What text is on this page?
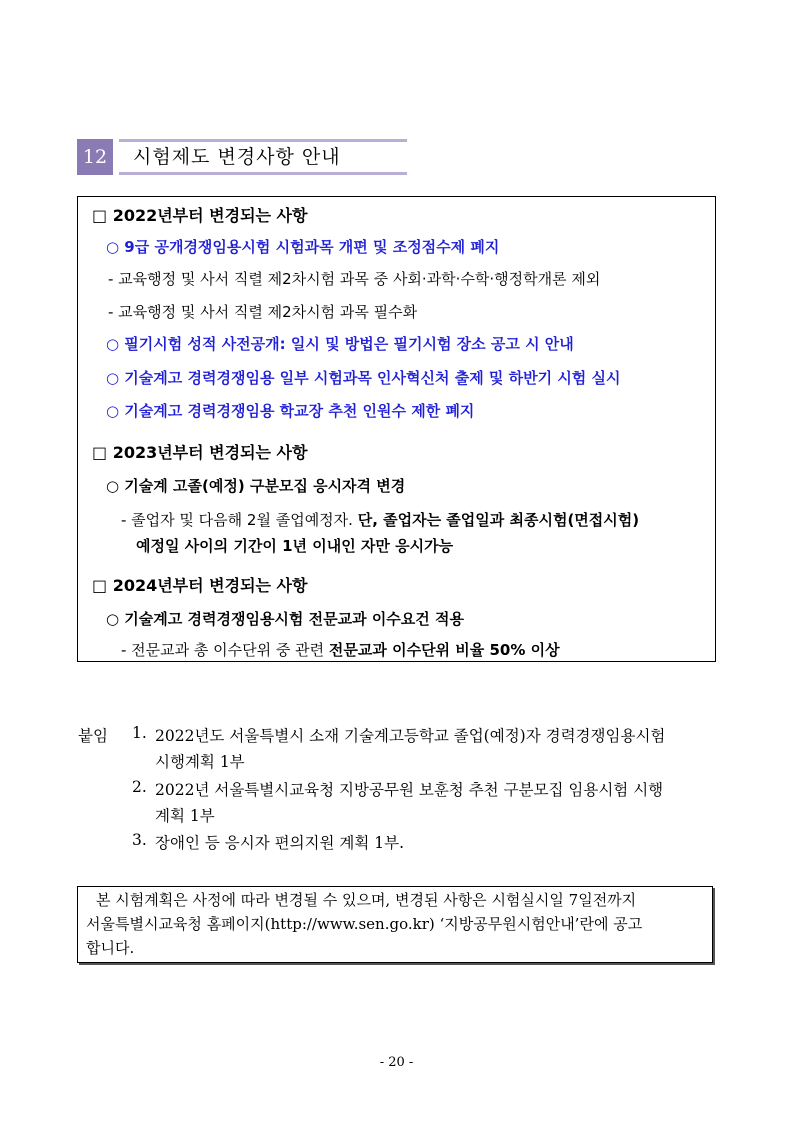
12	시험제도 변경사항 안내
□ 2022년부터 변경되는 사항
○ 9급 공개경쟁임용시험 시험과목 개편 및 조정점수제 폐지
- 교육행정 및 사서 직렬 제2차시험 과목 중 사회·과학·수학·행정학개론 제외
- 교육행정 및 사서 직렬 제2차시험 과목 필수화
○ 필기시험 성적 사전공개: 일시 및 방법은 필기시험 장소 공고 시 안내
○ 기술계고 경력경쟁임용 일부 시험과목 인사혁신처 출제 및 하반기 시험 실시
○ 기술계고 경력경쟁임용 학교장 추천 인원수 제한 폐지
□ 2023년부터 변경되는 사항
○ 기술계 고졸(예정) 구분모집 응시자격 변경
- 졸업자 및 다음해 2월 졸업예정자. 단, 졸업자는 졸업일과 최종시험(면접시험)
예정일 사이의 기간이 1년 이내인 자만 응시가능
□ 2024년부터 변경되는 사항
○ 기술계고 경력경쟁임용시험 전문교과 이수요건 적용
- 전문교과 총 이수단위 중 관련 전문교과 이수단위 비율 50% 이상
붙임 1. 2022년도 서울특별시 소재 기술계고등학교 졸업(예정)자 경력경쟁임용시험
시행계획 1부
2. 2022년 서울특별시교육청 지방공무원 보훈청 추천 구분모집 임용시험 시행
계획 1부
3. 장애인 등 응시자 편의지원 계획 1부.
본 시험계획은 사정에 따라 변경될 수 있으며, 변경된 사항은 시험실시일 7일전까지
서울특별시교육청 홈페이지(http://www.sen.go.kr) ‘지방공무원시험안내’란에 공고
합니다.
- 20 -
